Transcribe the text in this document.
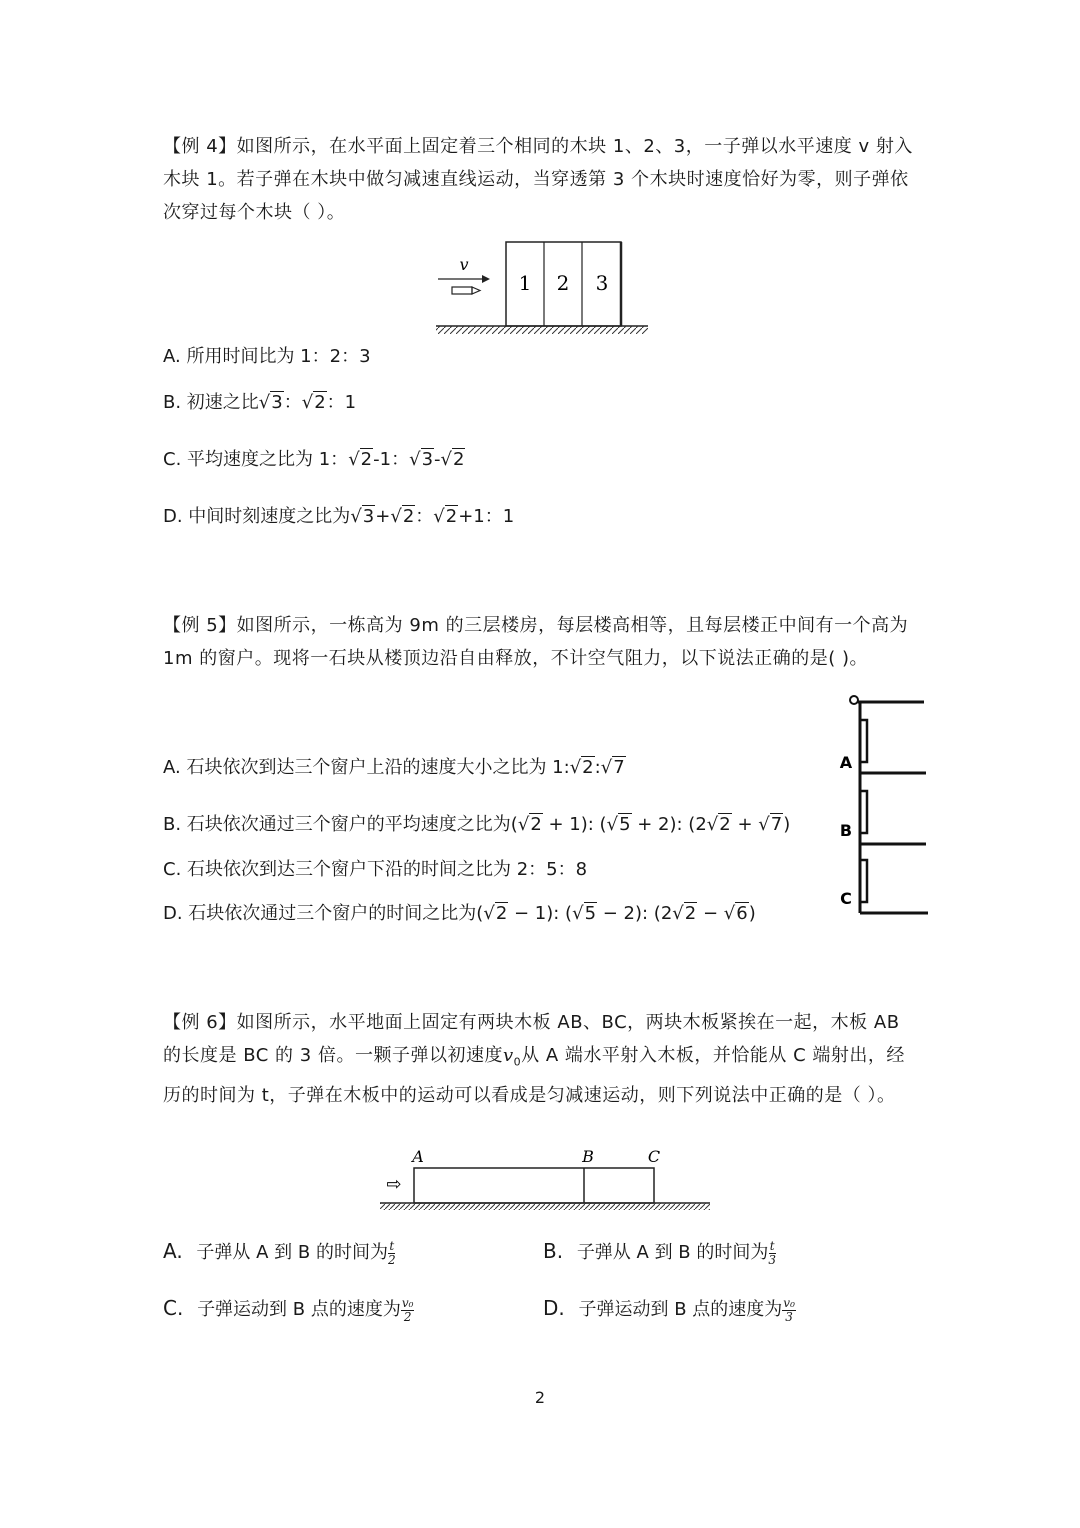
【例 4】如图所示，在水平面上固定着三个相同的木块 1、2、3，一子弹以水平速度 v 射入
木块 1。若子弹在木块中做匀减速直线运动，当穿透第 3 个木块时速度恰好为零，则子弹依
次穿过每个木块（ ）。
1 2 3
v
A. 所用时间比为 1：2：3
B. 初速之比√3：√2：1
C. 平均速度之比为 1：√2-1：√3-√2
D. 中间时刻速度之比为√3+√2：√2+1：1
【例 5】如图所示，一栋高为 9m 的三层楼房，每层楼高相等，且每层楼正中间有一个高为
1m 的窗户。现将一石块从楼顶边沿自由释放，不计空气阻力，以下说法正确的是( )。
A
B
C
A. 石块依次到达三个窗户上沿的速度大小之比为 1:√2:√7
B. 石块依次通过三个窗户的平均速度之比为(√2 + 1): (√5 + 2): (2√2 + √7)
C. 石块依次到达三个窗户下沿的时间之比为 2：5：8
D. 石块依次通过三个窗户的时间之比为(√2 − 1): (√5 − 2): (2√2 − √6)
【例 6】如图所示，水平地面上固定有两块木板 AB、BC，两块木板紧挨在一起，木板 AB
的长度是 BC 的 3 倍。一颗子弹以初速度$v_0$从 A 端水平射入木板，并恰能从 C 端射出，经
历的时间为 t，子弹在木板中的运动可以看成是匀减速运动，则下列说法中正确的是（ ）。
A	B	C
⇨
A. 子弹从 A 到 B 的时间为 $\frac{t}{2}$	B. 子弹从 A 到 B 的时间为 $\frac{t}{3}$
C. 子弹运动到 B 点的速度为 $\frac{\text{v₀}}{2}$	D. 子弹运动到 B 点的速度为 $\frac{\text{v₀}}{3}$
2
